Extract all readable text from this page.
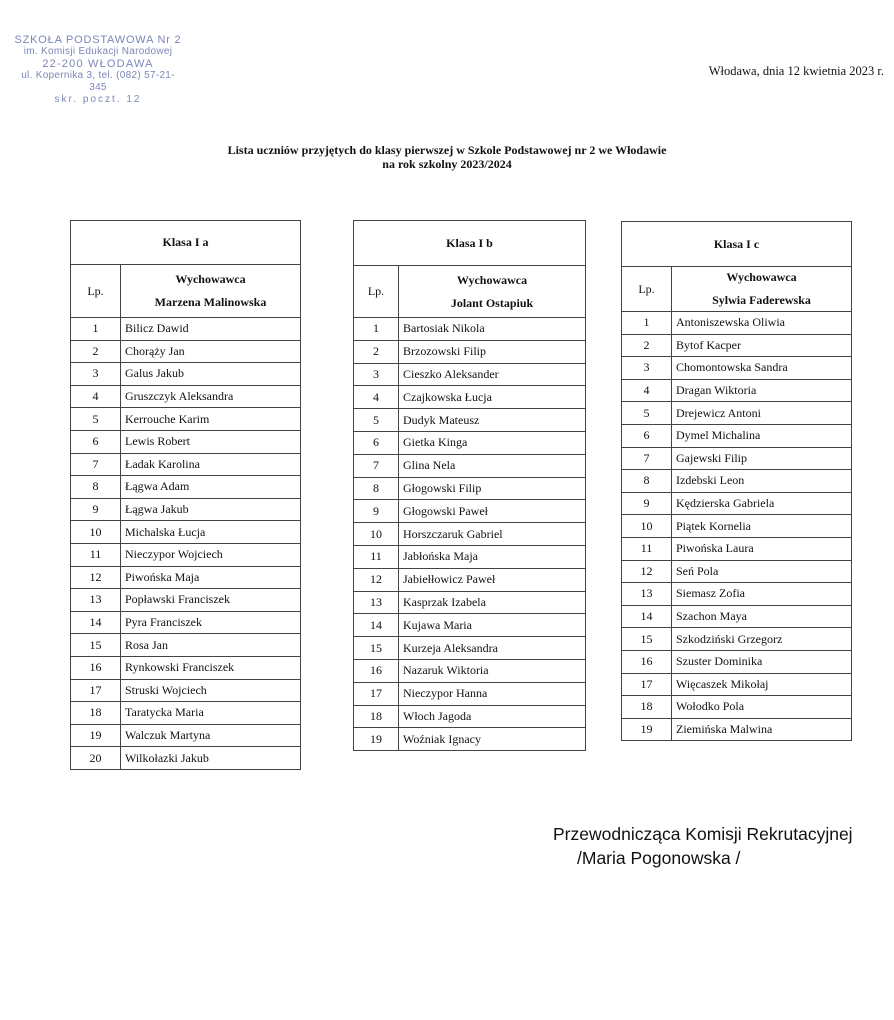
SZKOŁA PODSTAWOWA Nr 2
im. Komisji Edukacji Narodowej
22-200 WŁODAWA
ul. Kopernika 3, tel. (082) 57-21-345
skr. poczt. 12
Włodawa, dnia 12 kwietnia 2023 r.
Lista uczniów przyjętych do klasy pierwszej w Szkole Podstawowej nr 2 we Włodawie
na rok szkolny 2023/2024
Klasa I a	
Lp.	Wychowawca
Marzena Malinowska

1	Bilicz Dawid
2	Chorąży Jan
3	Galus Jakub
4	Gruszczyk Aleksandra
5	Kerrouche Karim
6	Lewis Robert
7	Ładak Karolina
8	Łągwa Adam
9	Łągwa Jakub
10	Michalska Łucja
11	Nieczypor Wojciech
12	Piwońska Maja
13	Popławski Franciszek
14	Pyra Franciszek
15	Rosa Jan
16	Rynkowski Franciszek
17	Struski Wojciech
18	Taratycka Maria
19	Walczuk Martyna
20	Wilkołazki Jakub
Klasa I b	
Lp.	Wychowawca
Jolant Ostapiuk

1	Bartosiak Nikola
2	Brzozowski Filip
3	Cieszko Aleksander
4	Czajkowska Łucja
5	Dudyk Mateusz
6	Gietka Kinga
7	Glina Nela
8	Głogowski Filip
9	Głogowski Paweł
10	Horszczaruk Gabriel
11	Jabłońska Maja
12	Jabiełłowicz Paweł
13	Kasprzak Izabela
14	Kujawa Maria
15	Kurzeja Aleksandra
16	Nazaruk Wiktoria
17	Nieczypor Hanna
18	Włoch Jagoda
19	Woźniak Ignacy
Klasa I c	
Lp.	Wychowawca
Sylwia Faderewska

1	Antoniszewska Oliwia
2	Bytof Kacper
3	Chomontowska Sandra
4	Dragan Wiktoria
5	Drejewicz Antoni
6	Dymel Michalina
7	Gajewski Filip
8	Izdebski Leon
9	Kędzierska Gabriela
10	Piątek Kornelia
11	Piwońska Laura
12	Seń Pola
13	Siemasz Zofia
14	Szachon Maya
15	Szkodziński Grzegorz
16	Szuster Dominika
17	Więcaszek Mikołaj
18	Wołodko Pola
19	Ziemińska Malwina
Przewodnicząca Komisji Rekrutacyjnej
/Maria Pogonowska /
